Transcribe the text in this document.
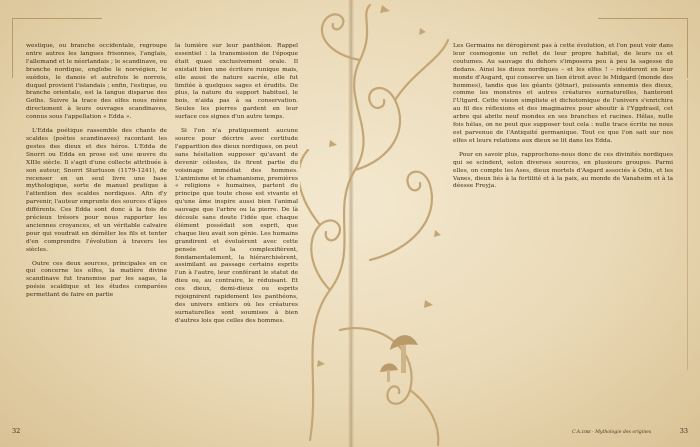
westique, ou branche occidentale, regroupe entre autres les langues frisonnes, l'anglais, l'allemand et le néerlandais ; le scandinave, ou branche nordique, englobe le norvégien, le suédois, le danois et autrefois le norrois, duquel provient l'islandais ; enfin, l'estique, ou branche orientale, est la langue disparue des Goths. Suivre la trace des elfes nous mène directement à leurs ouvrages scandinaves, connus sous l'appellation « Edda ».

L'Edda poétique rassemble des chants de scaldes (poètes scandinaves) racontant les gestes des dieux et des héros. L'Edda de Snorri ou Edda en prose est une œuvre du XIIIe siècle. Il s'agit d'une collecte attribuée à son auteur, Snorri Sturluson (1179-1241), de recenser en un seul livre une base mythologique, sorte de manuel pratique à l'attention des scaldes nordiques. Afin d'y parvenir, l'auteur emprunte des sources d'âges différents. Ces Edda sont donc à la fois de précieux trésors pour nous rapporter les anciennes croyances, et un véritable calvaire pour qui voudrait en démêler les fils et tenter d'en comprendre l'évolution à travers les siècles.

Outre ces deux sources, principales en ce qui concerne les elfes, la matière divine scandinave fut transmise par les sagas, la poésie scaldique et les études comparées permettant de faire en partie

la lumière sur leur panthéon. Rappel essentiel : la transmission de l'époque était quasi exclusivement orale. Il existait bien une écriture runique mais, elle aussi de nature sacrée, elle fut limitée à quelques sages et érudits. De plus, la nature du support habituel, le bois, n'aida pas à sa conservation. Seules les pierres gardent en leur surface ces signes d'un autre temps.

Si l'on n'a pratiquement aucune source pour décrire avec certitude l'apparition des dieux nordiques, on peut sans hésitation supposer qu'avant de devenir célestes, ils firent partie du voisinage immédiat des hommes. L'animisme et le chamanisme, premières « religions » humaines, partent du principe que toute chose est vivante et qu'une âme inspire aussi bien l'animal sauvage que l'arbre ou la pierre. De là découle sans doute l'idée que chaque élément possédait son esprit, que chaque lieu avait son génie. Les humains grandirent et évoluèrent avec cette pensée et la complexifièrent, fondamentalement, la hiérarchisèrent, assimilant au passage certains esprits l'un à l'autre, leur conférant le statut de dieu ou, au contraire, le réduisant. Et ces dieux, demi-dieux ou esprits rejoignirent rapidement les panthéons, des univers entiers où les créatures surnaturelles sont soumises à bien d'autres lois que celles des hommes.

Les Germains ne dérogèrent pas à cette évolution, et l'on peut voir dans leur cosmogonie un reflet de leur propre habitat, de leurs us et coutumes. Au sauvage du dehors s'imposera peu à peu la sagesse du dedans. Ainsi les dieux nordiques – et les elfes ! – résideront en leur monde d'Asgard, qui conserve un lien étroit avec le Midgard (monde des hommes), tandis que les géants (jötnar), puissants ennemis des dieux, comme les monstres et autres créatures surnaturelles, hanteront l'Utgard. Cette vision simpliste et dichotomique de l'univers s'enrichira au fil des réflexions et des imaginaires pour aboutir à l'Yggdrasil, cet arbre qui abrite neuf mondes en ses branches et racines. Hélas, nulle fois hélas, on ne peut que supposer tout cela : nulle trace écrite ne nous est parvenue de l'Antiquité germanique. Tout ce que l'on sait sur nos elfes et leurs relations aux dieux se lit dans les Edda.

Pour en savoir plus, rapprochons-nous donc de ces divinités nordiques qui se scindent, selon diverses sources, en plusieurs groupes. Parmi elles, on compte les Ases, dieux mortels d'Asgard associés à Odin, et les Vanes, dieux liés à la fertilité et à la paix, au monde de Vanaheim et à la déesse Freyja.

32	C.A.ɪᴛʀᴇ · Mythologie des origines	33
